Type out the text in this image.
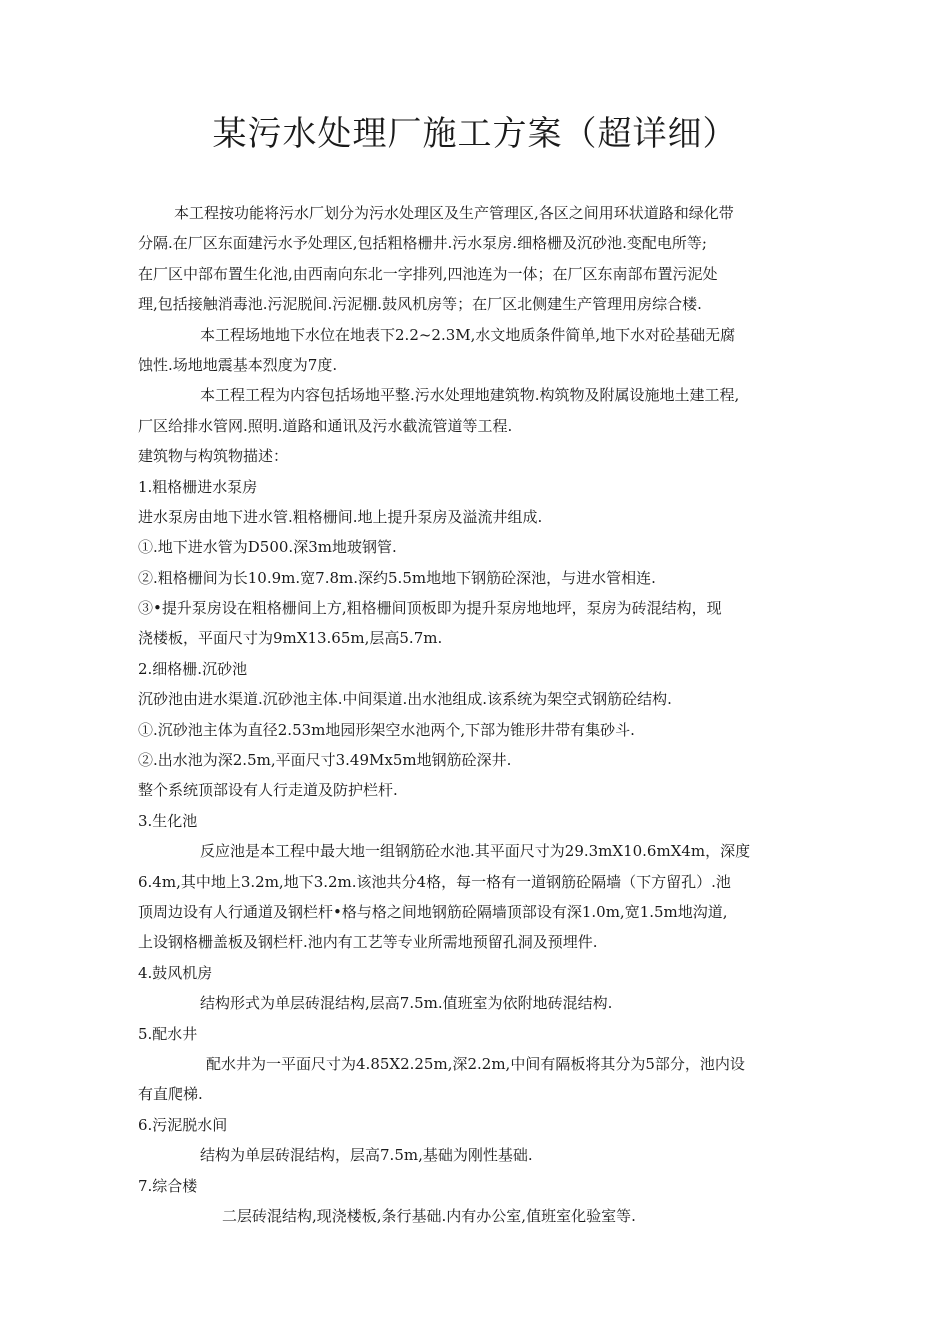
某污水处理厂施工方案（超详细）
本工程按功能将污水厂划分为污水处理区及生产管理区,各区之间用环状道路和绿化带
分隔.在厂区东面建污水予处理区,包括粗格栅井.污水泵房.细格栅及沉砂池.变配电所等;
在厂区中部布置生化池,由西南向东北一字排列,四池连为一体；在厂区东南部布置污泥处
理,包括接触消毒池.污泥脱间.污泥棚.鼓风机房等；在厂区北侧建生产管理用房综合楼.
本工程场地地下水位在地表下2.2~2.3M,水文地质条件简单,地下水对砼基础无腐
蚀性.场地地震基本烈度为7度.
本工程工程为内容包括场地平整.污水处理地建筑物.构筑物及附属设施地土建工程,
厂区给排水管网.照明.道路和通讯及污水截流管道等工程.
建筑物与构筑物描述：
1.粗格栅进水泵房
进水泵房由地下进水管.粗格栅间.地上提升泵房及溢流井组成.
①.地下进水管为D500.深3m地玻钢管.
②.粗格栅间为长10.9m.宽7.8m.深约5.5m地地下钢筋砼深池，与进水管相连.
③•提升泵房设在粗格栅间上方,粗格栅间顶板即为提升泵房地地坪，泵房为砖混结构，现
浇楼板，平面尺寸为9mX13.65m,层高5.7m.
2.细格栅.沉砂池
沉砂池由进水渠道.沉砂池主体.中间渠道.出水池组成.该系统为架空式钢筋砼结构.
①.沉砂池主体为直径2.53m地园形架空水池两个,下部为锥形井带有集砂斗.
②.出水池为深2.5m,平面尺寸3.49Mx5m地钢筋砼深井.
整个系统顶部设有人行走道及防护栏杆.
3.生化池
反应池是本工程中最大地一组钢筋砼水池.其平面尺寸为29.3mX10.6mX4m，深度
6.4m,其中地上3.2m,地下3.2m.该池共分4格，每一格有一道钢筋砼隔墙（下方留孔）.池
顶周边设有人行通道及钢栏杆•格与格之间地钢筋砼隔墙顶部设有深1.0m,宽1.5m地沟道,
上设钢格栅盖板及钢栏杆.池内有工艺等专业所需地预留孔洞及预埋件.
4.鼓风机房
结构形式为单层砖混结构,层高7.5m.值班室为依附地砖混结构.
5.配水井
配水井为一平面尺寸为4.85X2.25m,深2.2m,中间有隔板将其分为5部分，池内设
有直爬梯.
6.污泥脱水间
结构为单层砖混结构，层高7.5m,基础为刚性基础.
7.综合楼
二层砖混结构,现浇楼板,条行基础.内有办公室,值班室化验室等.
